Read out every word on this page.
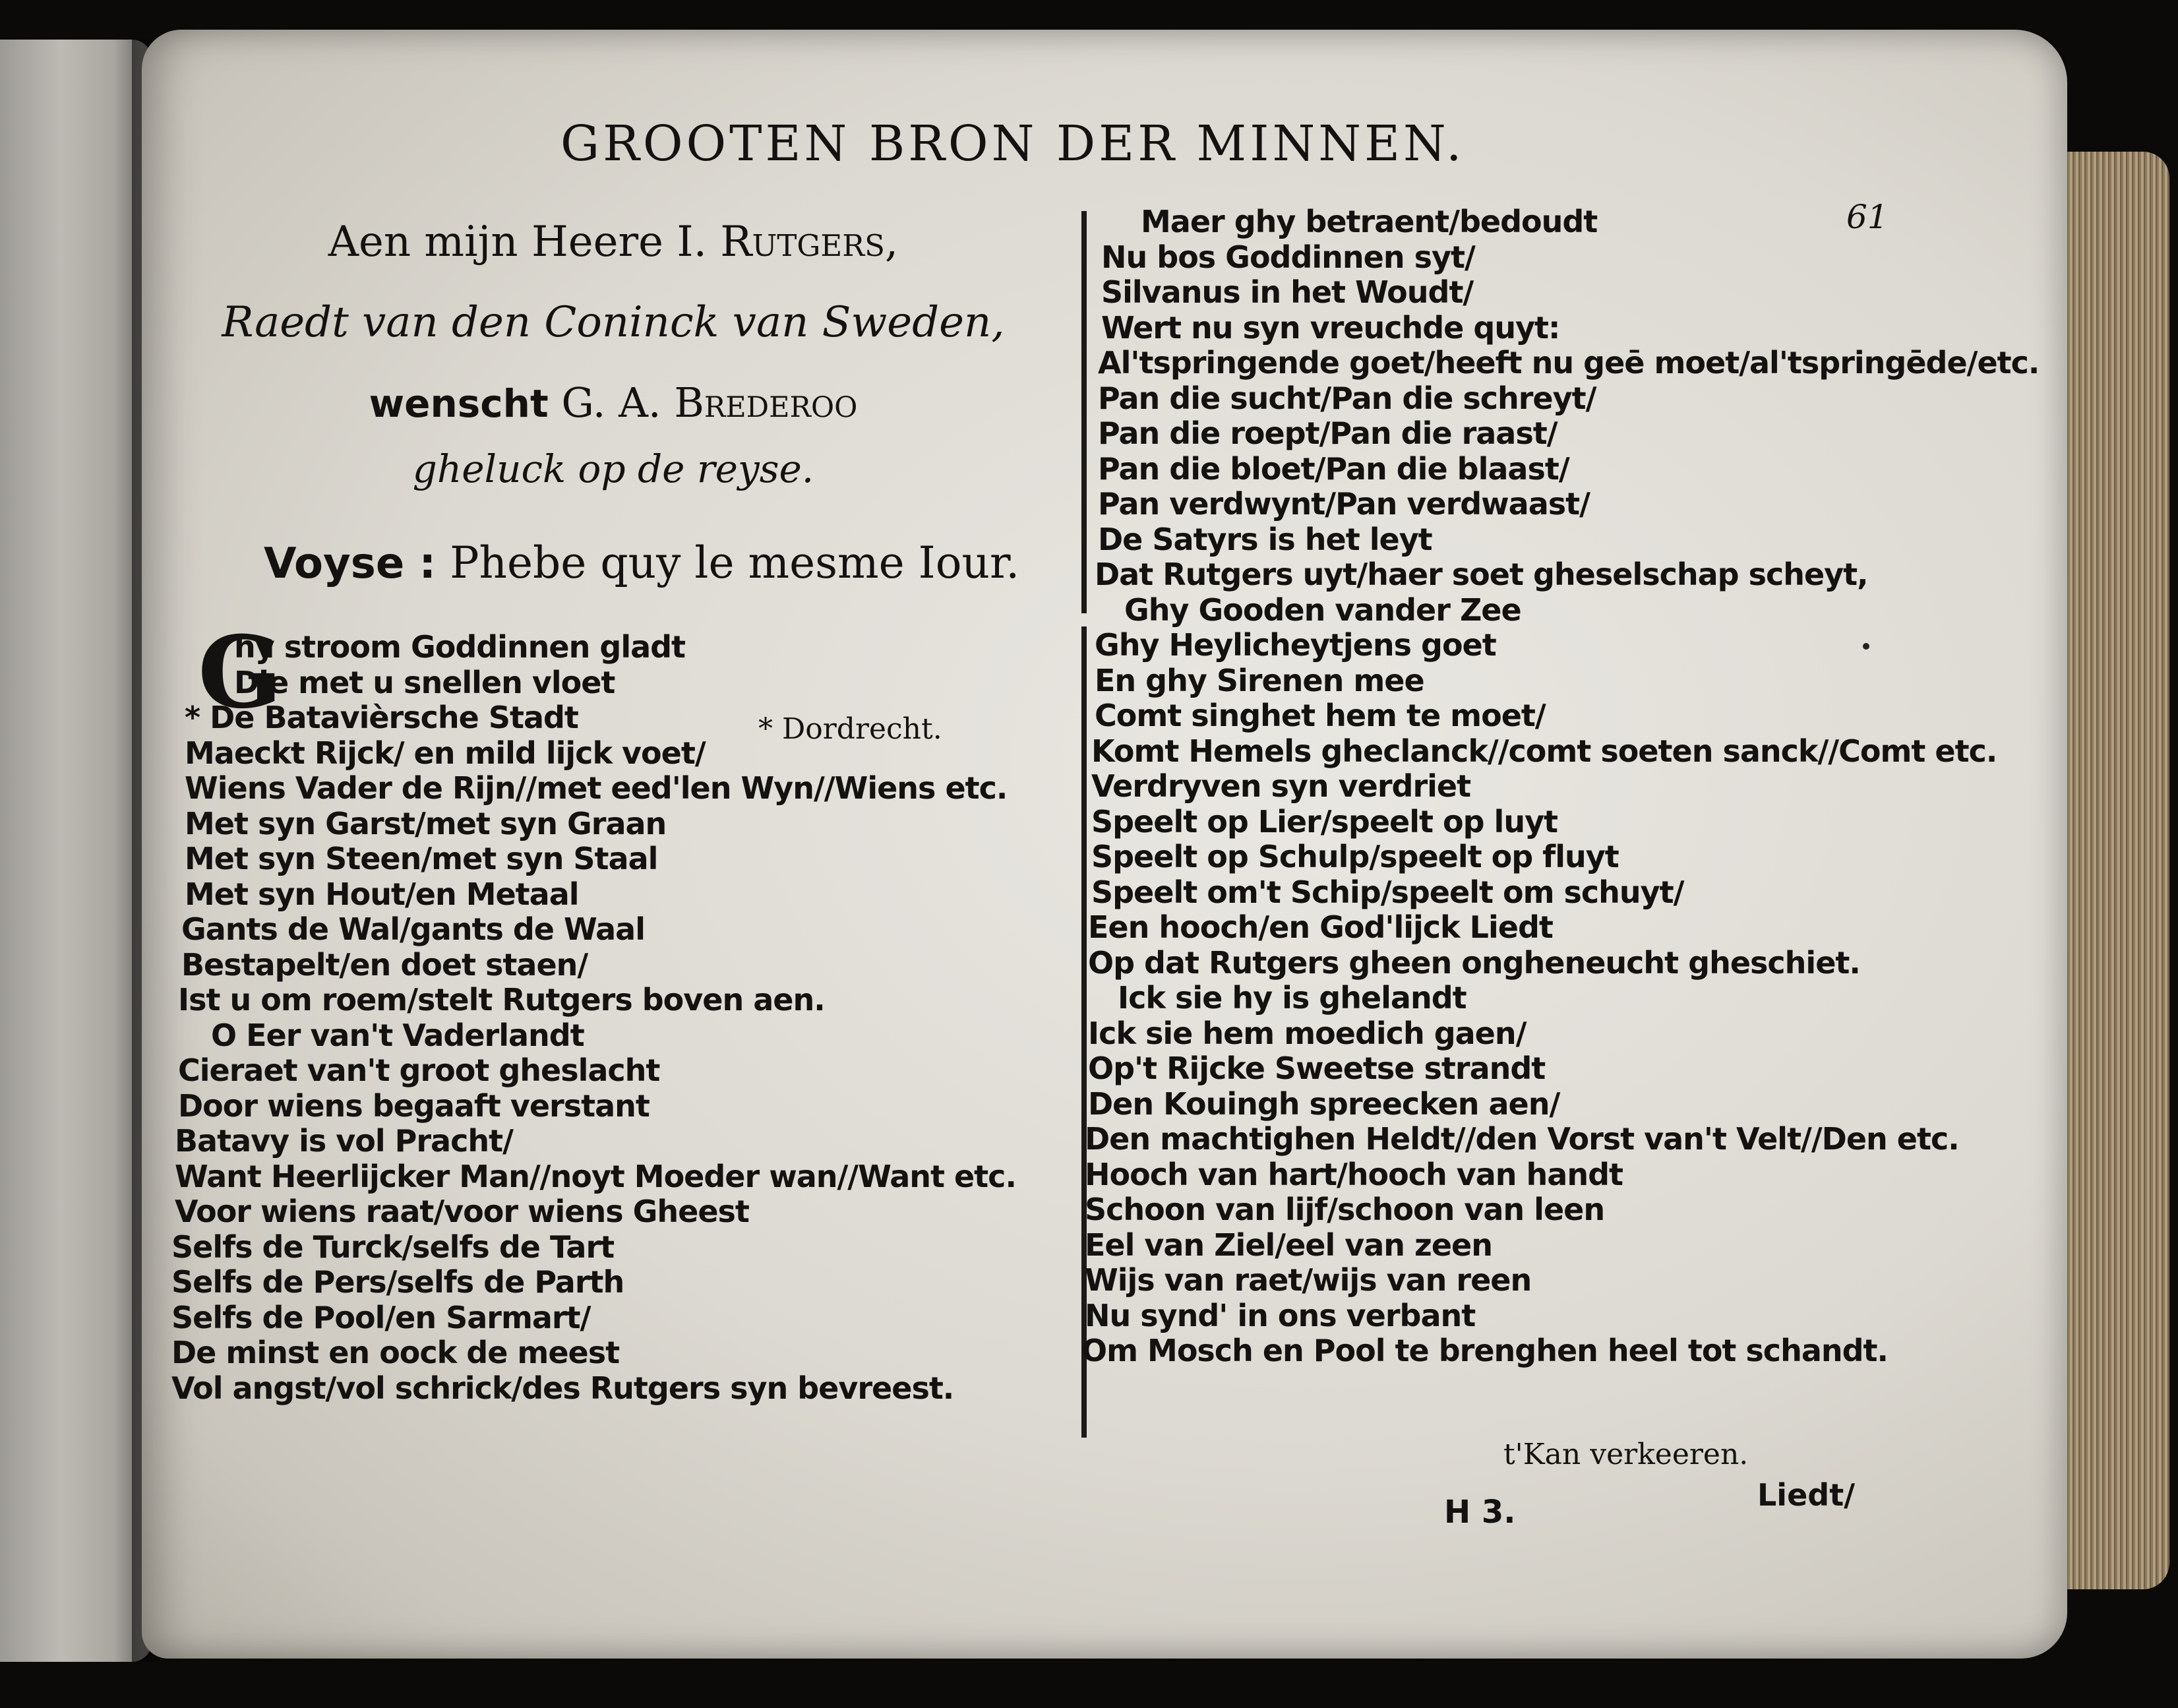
GROOTEN BRON DER MINNEN.
61
Aen mijn Heere I. Rutgers,
Raedt van den Coninck van Sweden,
wenscht G. A. Brederoo
gheluck op de reyse.
Voyse : Phebe quy le mesme Iour.
G	* Dordrecht.
hy stroom Goddinnen gladt
Die met u snellen vloet
* De Batavièrsche Stadt
Maeckt Rijck/ en mild lijck voet/
Wiens Vader de Rijn//met eed'len Wyn//Wiens etc.
Met syn Garst/met syn Graan
Met syn Steen/met syn Staal
Met syn Hout/en Metaal
Gants de Wal/gants de Waal
Bestapelt/en doet staen/
Ist u om roem/stelt Rutgers boven aen.
O Eer van't Vaderlandt
Cieraet van't groot gheslacht
Door wiens begaaft verstant
Batavy is vol Pracht/
Want Heerlijcker Man//noyt Moeder wan//Want etc.
Voor wiens raat/voor wiens Gheest
Selfs de Turck/selfs de Tart
Selfs de Pers/selfs de Parth
Selfs de Pool/en Sarmart/
De minst en oock de meest
Vol angst/vol schrick/des Rutgers syn bevreest.
Maer ghy betraent/bedoudt
Nu bos Goddinnen syt/
Silvanus in het Woudt/
Wert nu syn vreuchde quyt:
Al'tspringende goet/heeft nu geē moet/al'tspringēde/etc.
Pan die sucht/Pan die schreyt/
Pan die roept/Pan die raast/
Pan die bloet/Pan die blaast/
Pan verdwynt/Pan verdwaast/
De Satyrs is het leyt
Dat Rutgers uyt/haer soet gheselschap scheyt,
Ghy Gooden vander Zee
Ghy Heylicheytjens goet
En ghy Sirenen mee
Comt singhet hem te moet/
Komt Hemels gheclanck//comt soeten sanck//Comt etc.
Verdryven syn verdriet
Speelt op Lier/speelt op luyt
Speelt op Schulp/speelt op fluyt
Speelt om't Schip/speelt om schuyt/
Een hooch/en God'lijck Liedt
Op dat Rutgers gheen ongheneucht gheschiet.
Ick sie hy is ghelandt
Ick sie hem moedich gaen/
Op't Rijcke Sweetse strandt
Den Kouingh spreecken aen/
Den machtighen Heldt//den Vorst van't Velt//Den etc.
Hooch van hart/hooch van handt
Schoon van lijf/schoon van leen
Eel van Ziel/eel van zeen
Wijs van raet/wijs van reen
Nu synd' in ons verbant
Om Mosch en Pool te brenghen heel tot schandt.
t'Kan verkeeren.
H 3.	Liedt/
